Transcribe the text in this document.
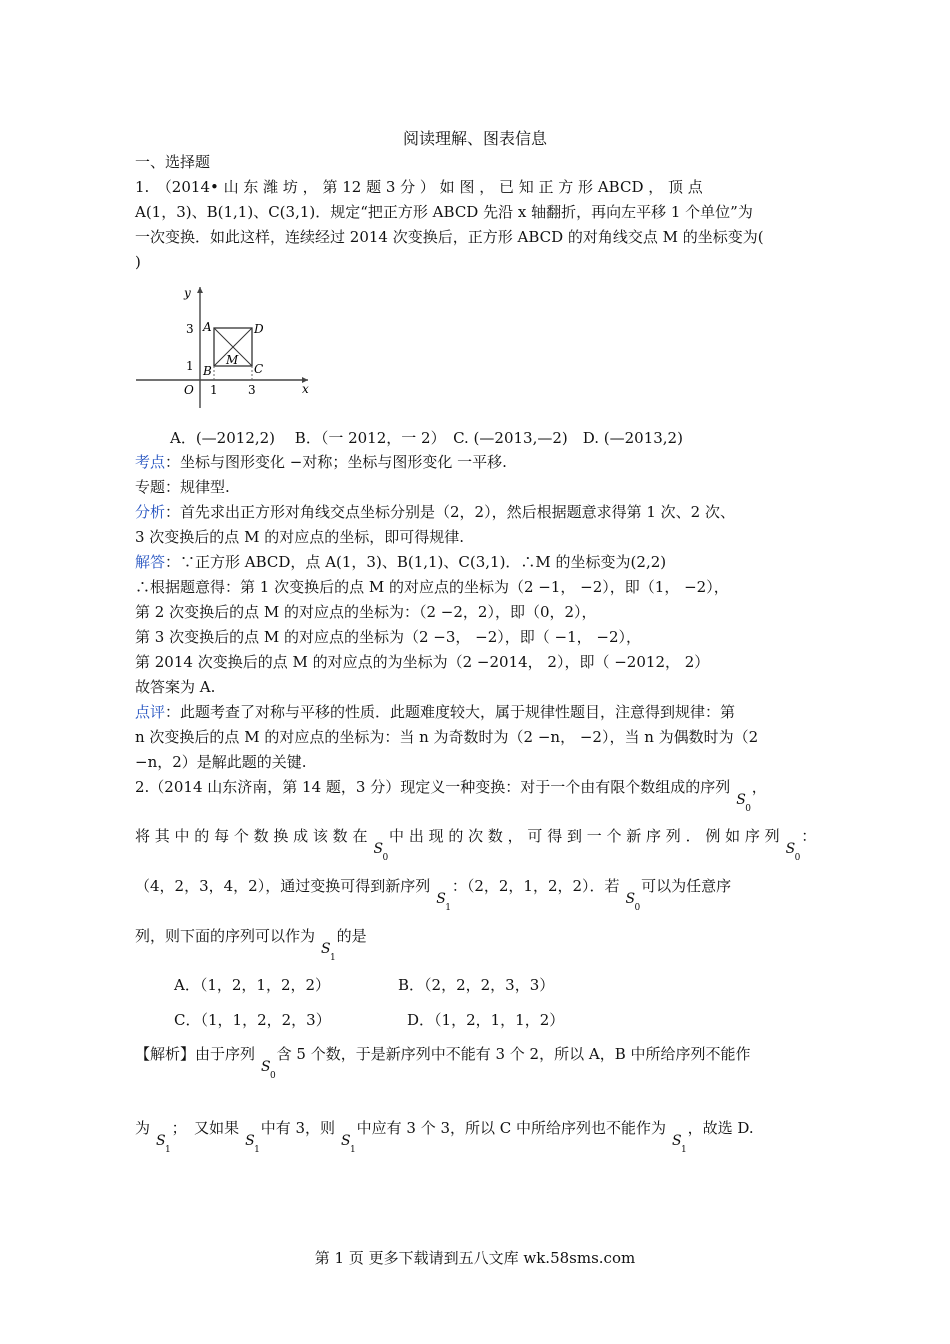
阅读理解、图表信息
一、选择题
1.　（2014• 山 东 潍 坊 ， 第 12 题 3 分 ） 如 图 ， 已 知 正 方 形 ABCD ， 顶 点
A(1，3)、B(1,1)、C(3,1)．规定“把正方形 ABCD 先沿 x 轴翻折，再向左平移 1 个单位”为
一次变换．如此这样，连续经过 2014 次变换后，正方形 ABCD 的对角线交点 M 的坐标变为(
)
y
x
O 1	3
1
3 A
B	C
D
M
A．(—2012,2)　 B．（一 2012，一 2）　C. (—2013,—2)　D. (—2013,2)
考点：坐标与图形变化 −对称；坐标与图形变化 一平移.
专题：规律型.
分析：首先求出正方形对角线交点坐标分别是（2，2），然后根据题意求得第 1 次、2 次、
3 次变换后的点 M 的对应点的坐标，即可得规律.
解答：∵正方形 ABCD，点 A(1，3)、B(1,1)、C(3,1)．∴M 的坐标变为(2,2)
∴根据题意得：第 1 次变换后的点 M 的对应点的坐标为（2 −1， −2），即（1， −2），
第 2 次变换后的点 M 的对应点的坐标为：（2 −2，2），即（0，2），
第 3 次变换后的点 M 的对应点的坐标为（2 −3， −2），即（ −1， −2），
第 2014 次变换后的点 M 的对应点的为坐标为（2 −2014， 2），即（ −2012， 2）
故答案为 A.
点评：此题考查了对称与平移的性质．此题难度较大，属于规律性题目，注意得到规律：第
n 次变换后的点 M 的对应点的坐标为：当 n 为奇数时为（2 −n， −2），当 n 为偶数时为（2
−n，2）是解此题的关键.
2.（2014 山东济南，第 14 题，3 分）现定义一种变换：对于一个由有限个数组成的序列S
0
，
将 其 中 的 每 个 数 换 成 该 数 在S
0
中 出 现 的 次 数 ， 可 得 到 一 个 新 序 列 ． 例 如 序 列S
0
：
（4，2，3，4，2），通过变换可得到新序列S
1
：（2，2，1，2，2）．若S
0
可以为任意序
列，则下面的序列可以作为S
1
的是
A．（1，2，1，2，2）	B．（2，2，2，3，3）
C．（1，1，2，2，3）	D．（1，2，1，1，2）
【解析】由于序列S
0
含 5 个数，于是新序列中不能有 3 个 2，所以 A，B 中所给序列不能作
为S
1
；　又如果S
1
中有 3，则S
1
中应有 3 个 3，所以 C 中所给序列也不能作为S
1
，故选 D.
第 1 页 更多下载请到五八文库 wk.58sms.com
